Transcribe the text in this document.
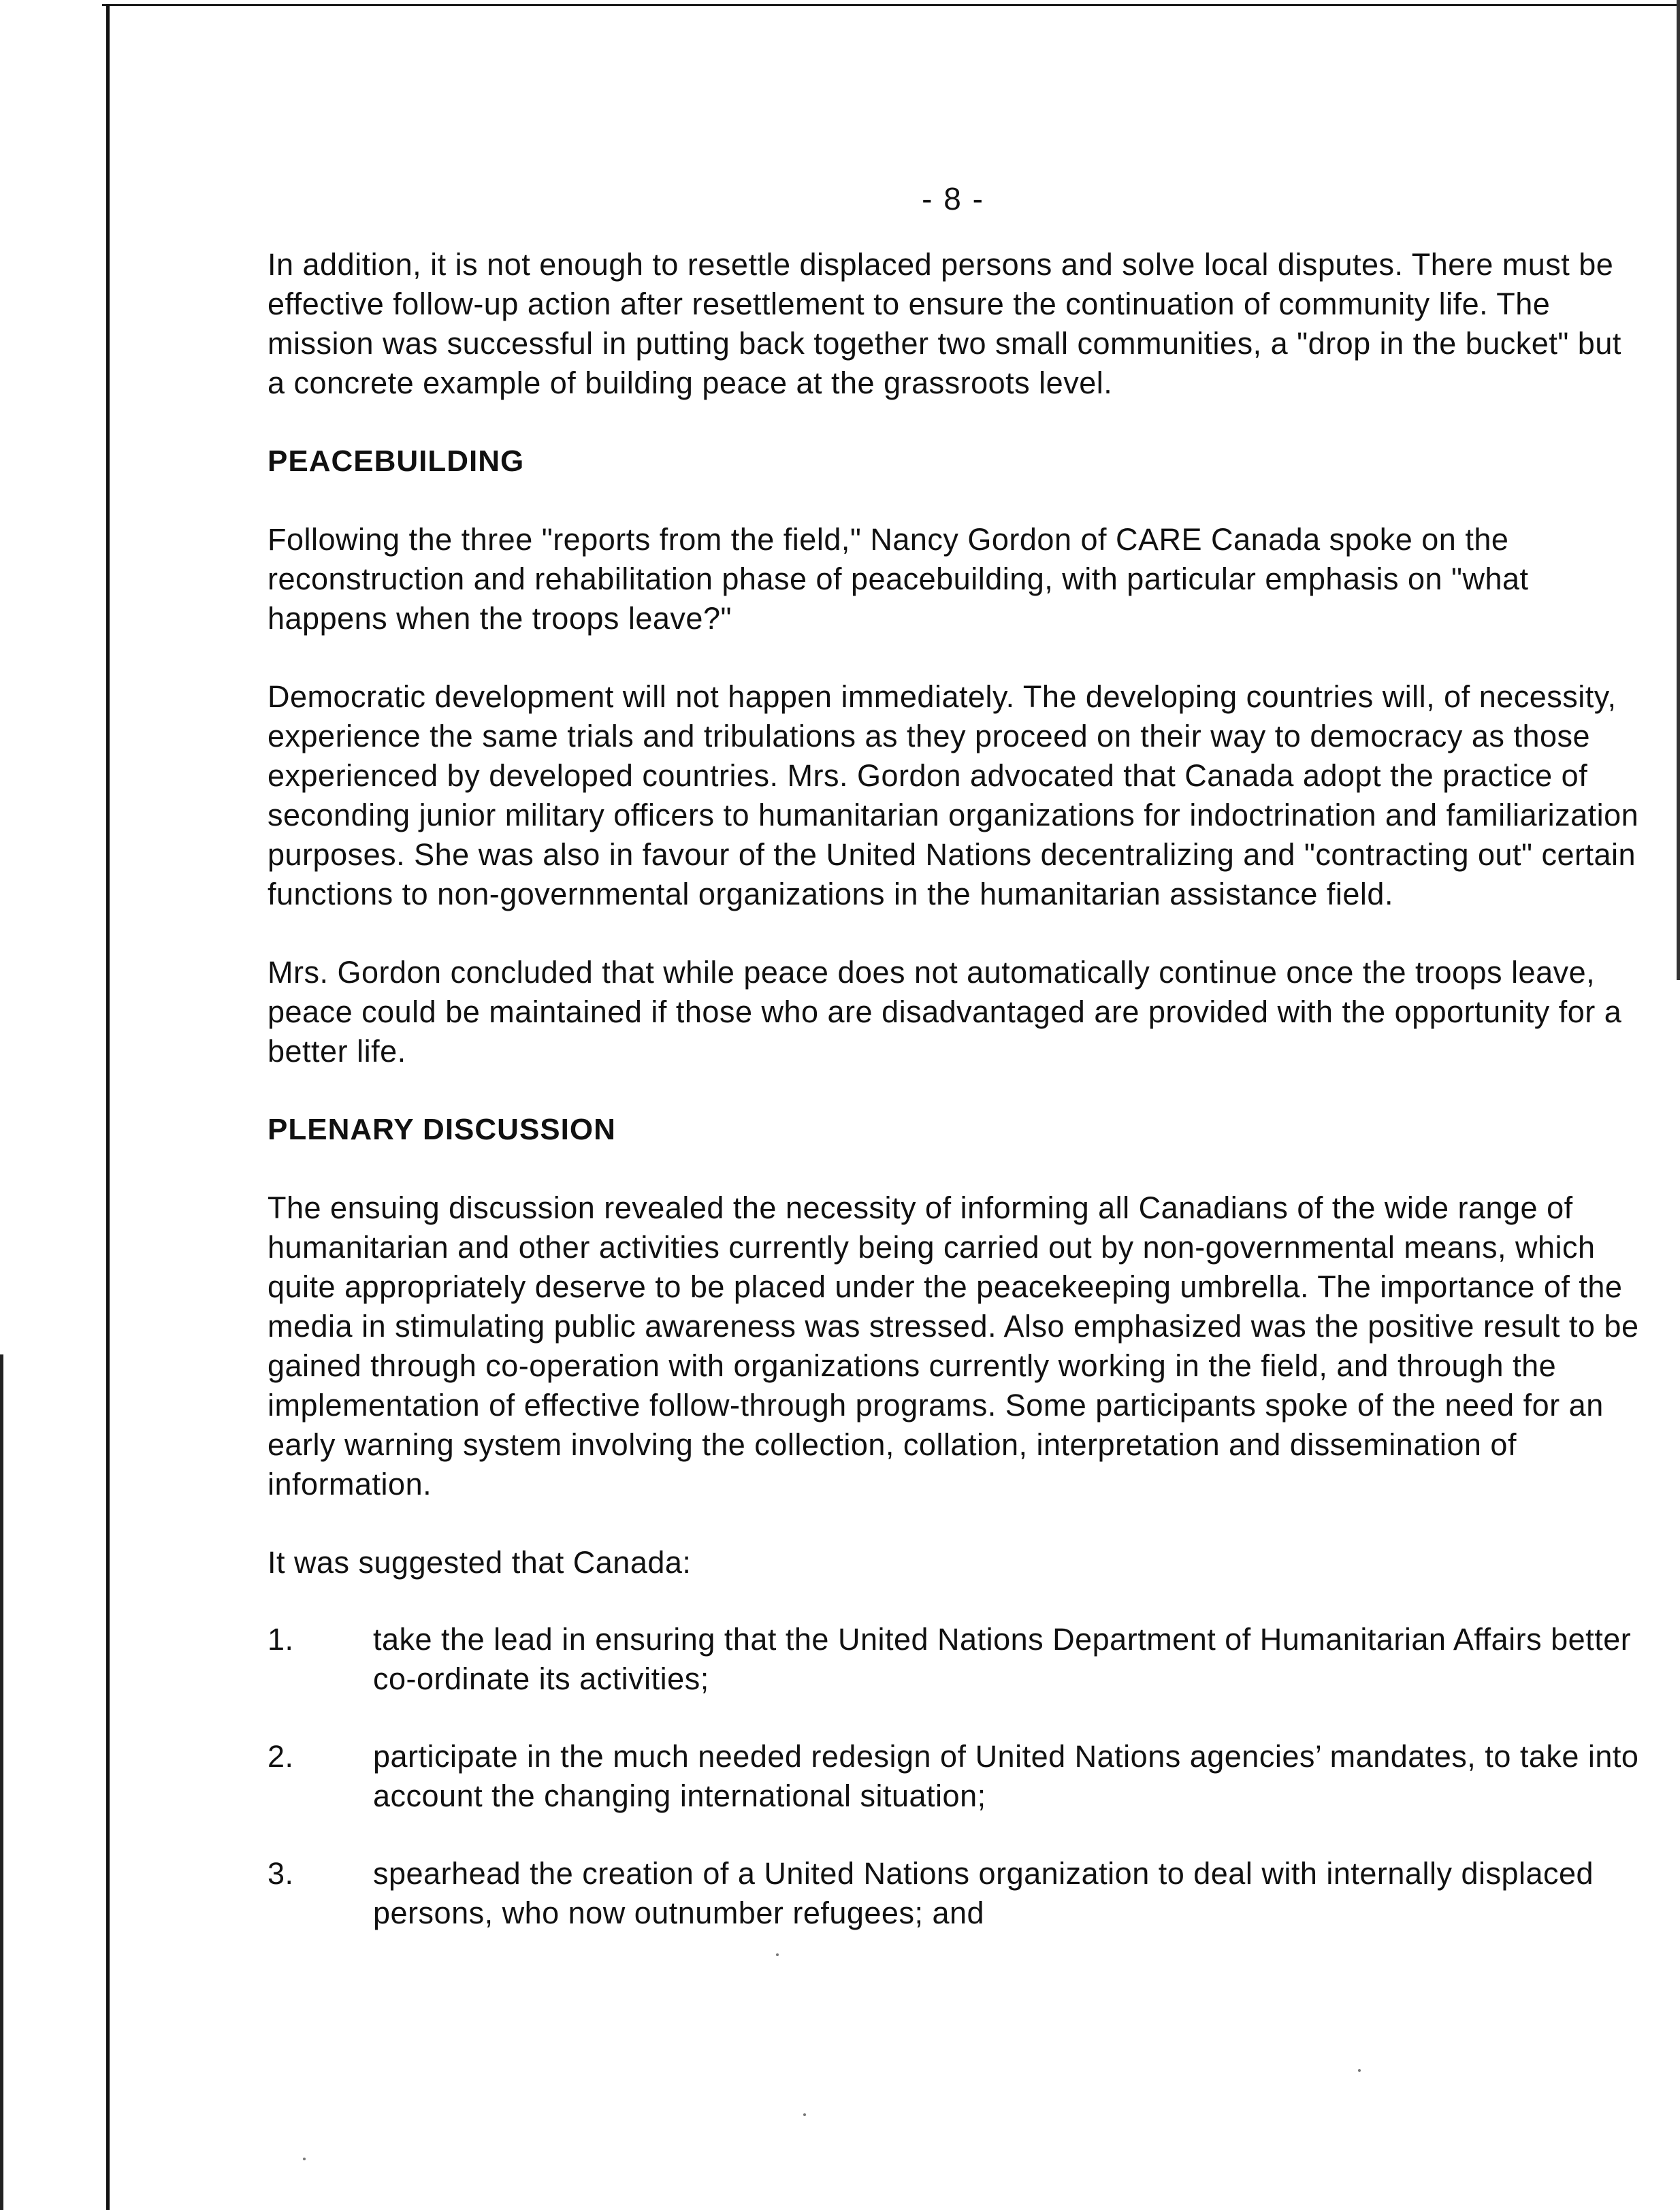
- 8 -

In addition, it is not enough to resettle displaced persons and solve local disputes. There must be effective follow-up action after resettlement to ensure the continuation of community life. The mission was successful in putting back together two small communities, a "drop in the bucket" but a concrete example of building peace at the grassroots level.

PEACEBUILDING

Following the three "reports from the field," Nancy Gordon of CARE Canada spoke on the reconstruction and rehabilitation phase of peacebuilding, with particular emphasis on "what happens when the troops leave?"

Democratic development will not happen immediately. The developing countries will, of necessity, experience the same trials and tribulations as they proceed on their way to democracy as those experienced by developed countries. Mrs. Gordon advocated that Canada adopt the practice of seconding junior military officers to humanitarian organizations for indoctrination and familiarization purposes. She was also in favour of the United Nations decentralizing and "contracting out" certain functions to non-governmental organizations in the humanitarian assistance field.

Mrs. Gordon concluded that while peace does not automatically continue once the troops leave, peace could be maintained if those who are disadvantaged are provided with the opportunity for a better life.

PLENARY DISCUSSION

The ensuing discussion revealed the necessity of informing all Canadians of the wide range of humanitarian and other activities currently being carried out by non-governmental means, which quite appropriately deserve to be placed under the peacekeeping umbrella. The importance of the media in stimulating public awareness was stressed. Also emphasized was the positive result to be gained through co-operation with organizations currently working in the field, and through the implementation of effective follow-through programs. Some participants spoke of the need for an early warning system involving the collection, collation, interpretation and dissemination of information.

It was suggested that Canada:

1.	take the lead in ensuring that the United Nations Department of Humanitarian Affairs better co-ordinate its activities;
2.	participate in the much needed redesign of United Nations agencies’ mandates, to take into account the changing international situation;
3.	spearhead the creation of a United Nations organization to deal with internally displaced persons, who now outnumber refugees; and
